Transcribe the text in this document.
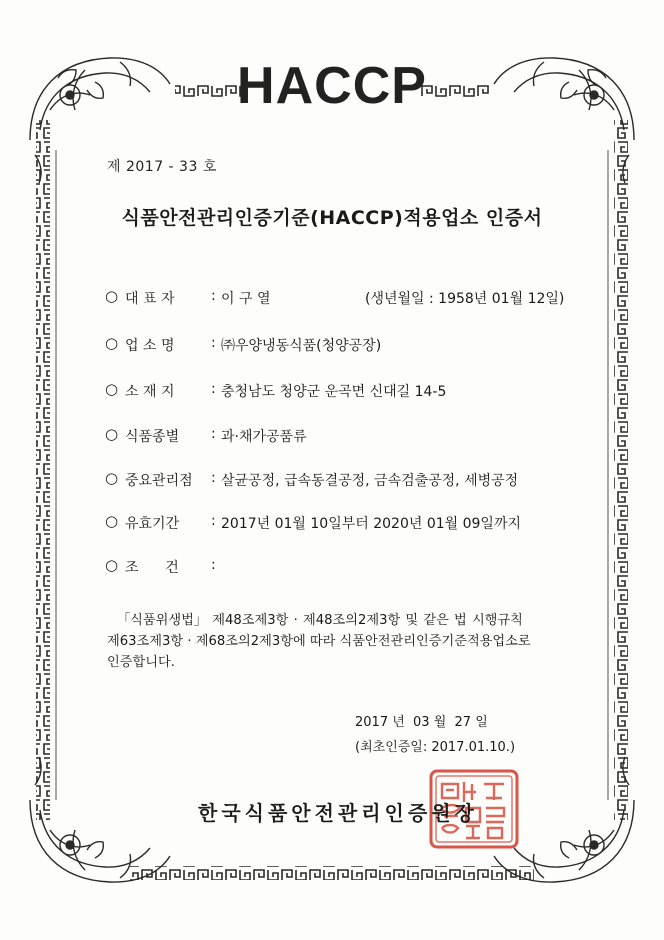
HACCP
제 2017 - 33 호
식품안전관리인증기준(HACCP)적용업소 인증서
○ 대 표 자	: 이 구 열	(생년월일 : 1958년 01월 12일)
○ 업 소 명	: ㈜우양냉동식품(청양공장)
○ 소 재 지	: 충청남도 청양군 운곡면 신대길 14-5
○ 식품종별 : 과·채가공품류
○ 중요관리점 : 살균공정, 급속동결공정, 금속검출공정, 세병공정
○ 유효기간 : 2017년 01월 10일부터 2020년 01월 09일까지
○ 조      건 :

「식품위생법」 제48조제3항 · 제48조의2제3항 및 같은 법 시행규칙

제63조제3항 · 제68조의2제3항에 따라 식품안전관리인증기준적용업소로

인증합니다.

2017 년  03 월  27 일
(최초인증일: 2017.01.10.)
한국식품안전관리인증원장
